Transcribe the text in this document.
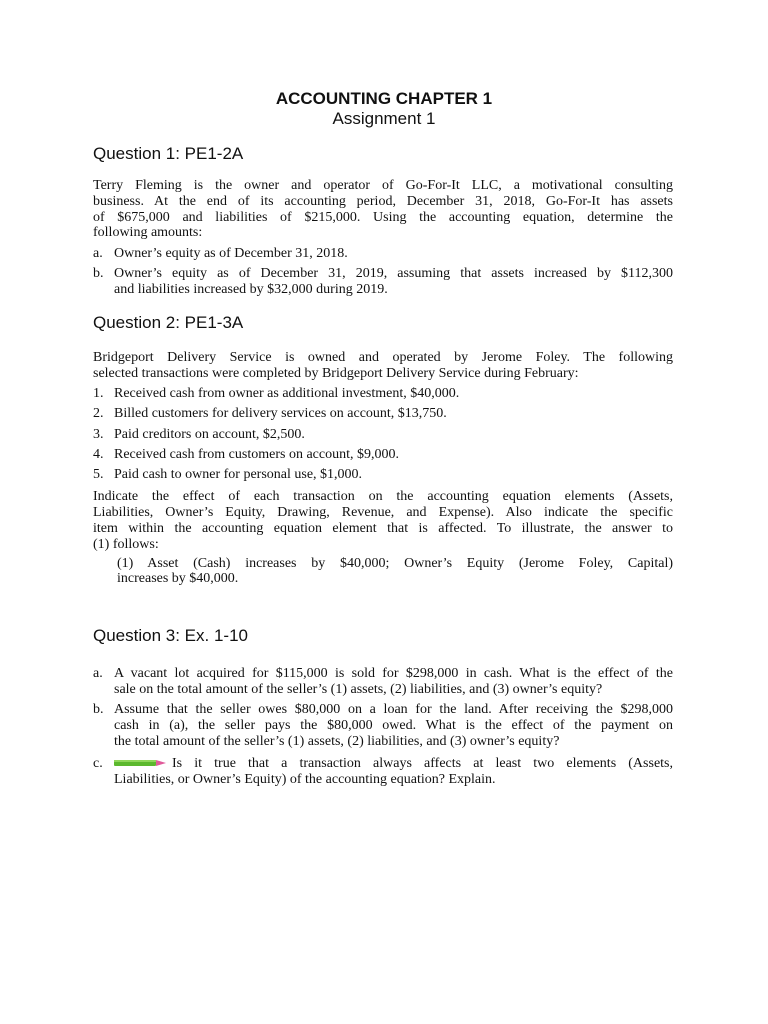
ACCOUNTING CHAPTER 1
Assignment 1
Question 1: PE1-2A
Terry Fleming is the owner and operator of Go-For-It LLC, a motivational consulting
business. At the end of its accounting period, December 31, 2018, Go-For-It has assets
of $675,000 and liabilities of $215,000. Using the accounting equation, determine the
following amounts:
a. Owner’s equity as of December 31, 2018.
b. Owner’s equity as of December 31, 2019, assuming that assets increased by $112,300
and liabilities increased by $32,000 during 2019.
Question 2: PE1-3A
Bridgeport Delivery Service is owned and operated by Jerome Foley. The following
selected transactions were completed by Bridgeport Delivery Service during February:
1. Received cash from owner as additional investment, $40,000.
2. Billed customers for delivery services on account, $13,750.
3. Paid creditors on account, $2,500.
4. Received cash from customers on account, $9,000.
5. Paid cash to owner for personal use, $1,000.
Indicate the effect of each transaction on the accounting equation elements (Assets,
Liabilities, Owner’s Equity, Drawing, Revenue, and Expense). Also indicate the specific
item within the accounting equation element that is affected. To illustrate, the answer to
(1) follows:
(1) Asset (Cash) increases by $40,000; Owner’s Equity (Jerome Foley, Capital)
increases by $40,000.
Question 3: Ex. 1-10
a. A vacant lot acquired for $115,000 is sold for $298,000 in cash. What is the effect of the
sale on the total amount of the seller’s (1) assets, (2) liabilities, and (3) owner’s equity?
b. Assume that the seller owes $80,000 on a loan for the land. After receiving the $298,000
cash in (a), the seller pays the $80,000 owed. What is the effect of the payment on
the total amount of the seller’s (1) assets, (2) liabilities, and (3) owner’s equity?
c.	Is it true that a transaction always affects at least two elements (Assets,
Liabilities, or Owner’s Equity) of the accounting equation? Explain.
